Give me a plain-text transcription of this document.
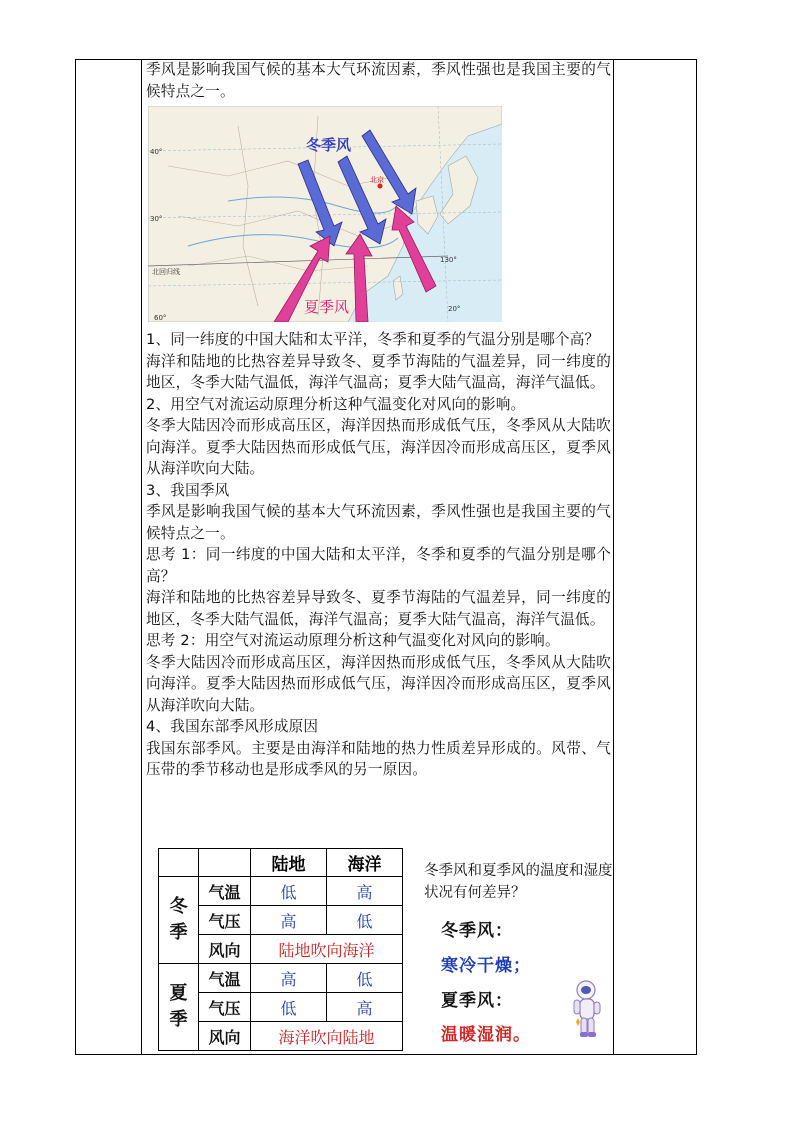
季风是影响我国气候的基本大气环流因素，季风性强也是我国主要的气候特点之一。

北回归线
40°
30°
20°
130°
60°
北京
冬季风
夏季风

1、同一纬度的中国大陆和太平洋，冬季和夏季的气温分别是哪个高？

海洋和陆地的比热容差异导致冬、夏季节海陆的气温差异，同一纬度的地区，冬季大陆气温低，海洋气温高；夏季大陆气温高，海洋气温低。

2、用空气对流运动原理分析这种气温变化对风向的影响。

冬季大陆因冷而形成高压区，海洋因热而形成低气压，冬季风从大陆吹向海洋。夏季大陆因热而形成低气压，海洋因冷而形成高压区，夏季风从海洋吹向大陆。

3、我国季风

季风是影响我国气候的基本大气环流因素，季风性强也是我国主要的气候特点之一。

思考 1：同一纬度的中国大陆和太平洋，冬季和夏季的气温分别是哪个高？

海洋和陆地的比热容差异导致冬、夏季节海陆的气温差异，同一纬度的地区，冬季大陆气温低，海洋气温高；夏季大陆气温高，海洋气温低。

思考 2：用空气对流运动原理分析这种气温变化对风向的影响。

冬季大陆因冷而形成高压区，海洋因热而形成低气压，冬季风从大陆吹向海洋。夏季大陆因热而形成低气压，海洋因冷而形成高压区，夏季风从海洋吹向大陆。

4、我国东部季风形成原因

我国东部季风。主要是由海洋和陆地的热力性质差异形成的。风带、气压带的季节移动也是形成季风的另一原因。

		陆地	海洋
冬季	气温	低	高
	气压	高	低
	风向	陆地吹向海洋	
夏季	气温	高	低
	气压	低	高
	风向	海洋吹向陆地	
冬季风和夏季风的温度和湿度状况有何差异？
冬季风：
寒冷干燥；
夏季风：
温暖湿润。
